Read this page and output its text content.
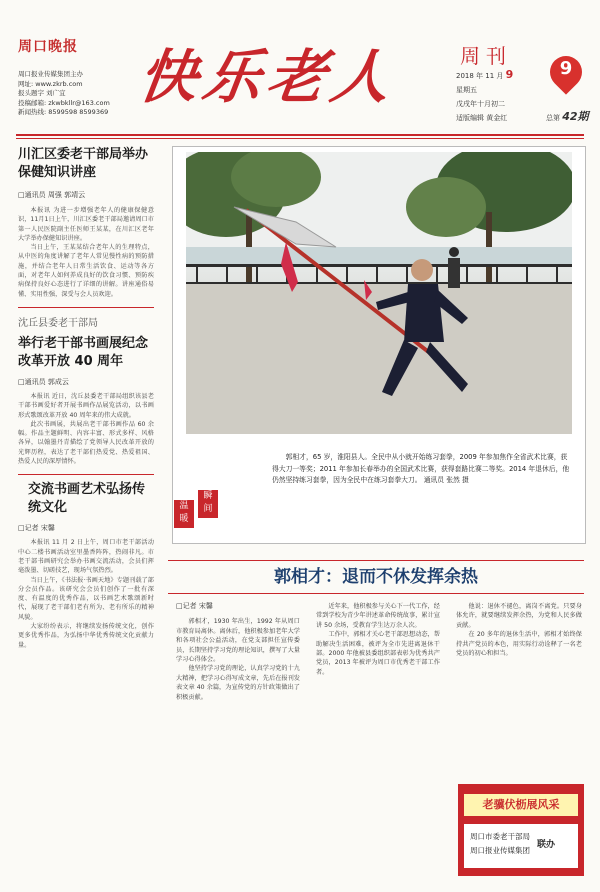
周口晚报
周口报业传媒集团主办
网址: www.zkrb.com
报头题字 刘广宜
投稿邮箱: zkwbkllr@163.com
新闻热线: 8599598 8599369
快乐老人	周刊
2018 年 11 月 9
星期五
戊戌年十月初二
适版编辑 黄金红
9
总第 42期
川汇区委老干部局举办保健知识讲座
□通讯员 周强 郭靖云

本报讯 为进一步增强老年人的健康保健意识，11月1日上午，川汇区委老干部局邀请周口市第一人民医院副主任医师王某某，在川汇区老年大学举办保健知识讲座。

当日上午，王某某结合老年人的生理特点，从中医的角度讲解了老年人常见慢性病的预防措施，并结合老年人日常生活饮食、运动等各方面，对老年人如何养成良好的饮食习惯、预防疾病保持良好心态进行了详细的讲解。讲座通俗易懂、实用性强，深受与会人员欢迎。

沈丘县委老干部局
举行老干部书画展纪念改革开放 40 周年
□通讯员 郭成云

本报讯 近日，沈丘县委老干部局组织该县老干部书画爱好者开展书画作品展览活动，以书画形式歌颂改革开放 40 周年来的伟大成就。

此次书画展，共展出老干部书画作品 60 余幅。作品主题鲜明、内容丰富、形式多样、风格各异，以翰墨丹青描绘了党领导人民改革开放的光辉历程，表达了老干部们热爱党、热爱祖国、热爱人民的深厚情怀。

交流书画艺术弘扬传统文化
□记者 宋馨

本报讯 11 月 2 日上午，周口市老干部活动中心二楼书画活动室里墨香阵阵，热闹非凡。市老干部书画研究会举办书画交流活动，会员们挥毫泼墨、切磋技艺，现场气氛热烈。

当日上午，《书法报·书画天地》专题刊载了部分会员作品。该研究会会员们创作了一批有深度、有温度的优秀作品，以书画艺术歌颂新时代，展现了老干部们老有所为、老有所乐的精神风貌。

大家纷纷表示，将继续发扬传统文化，创作更多优秀作品，为弘扬中华优秀传统文化贡献力量。

温
暖
瞬
间
郭相才，65 岁，淮阳县人。全民中从小就开始练习套拳，2009 年参加焦作全省武术比赛，获得大刀一等奖；2011 年参加长春举办的全国武术比赛，获得套路比赛二等奖。2014 年退休后，他仍然坚持练习套拳，因为全民中在练习套拳大刀。 通讯员 张然 摄
郭相才：退而不休发挥余热
□记者 宋馨

郭相才，1930 年出生，1992 年从周口市教育局离休。离休后，他积极参加老年大学和各项社会公益活动，在党支部担任宣传委员，长期坚持学习党的理论知识，撰写了大量学习心得体会。

他坚持学习党的理论，认真学习党的十九大精神，把学习心得写成文章，先后在报刊发表文章 40 余篇，为宣传党的方针政策做出了积极贡献。

近年来，他积极参与关心下一代工作，经常到学校为青少年讲述革命传统故事，累计宣讲 50 余场，受教育学生达万余人次。

工作中，郭相才关心老干部思想动态，帮助解决生活困难，被评为全市先进离退休干部。2000 年他被县委组织部表彰为优秀共产党员，2013 年被评为周口市优秀老干部工作者。

他说：退休不褪色，离岗不离党。只要身体允许，就要继续发挥余热，为党和人民多做贡献。

在 20 多年的退休生活中，郭相才始终保持共产党员的本色，用实际行动诠释了一名老党员的初心和担当。

老骥伏枥展风采
周口市委老干部局
周口报业传媒集团
联办
